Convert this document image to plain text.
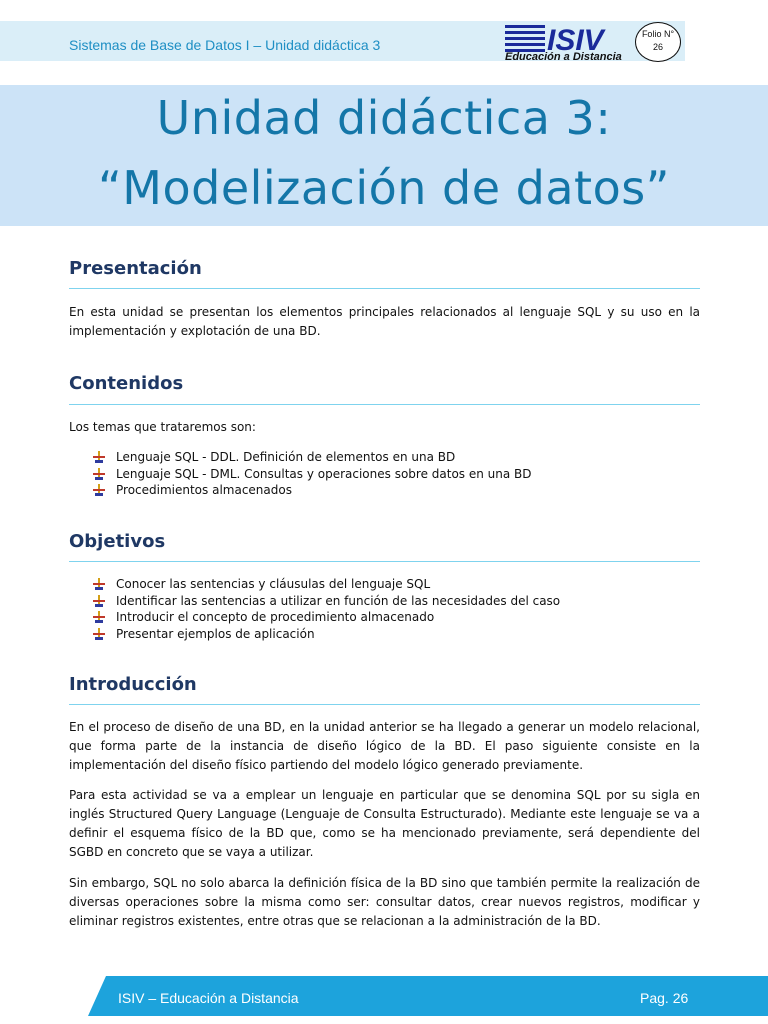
Sistemas de Base de Datos I – Unidad didáctica 3	ISIV
Educación a Distancia
Folio N°
26
Unidad didáctica 3:
“Modelización de datos”
Presentación
En esta unidad se presentan los elementos principales relacionados al lenguaje SQL y su uso en la implementación y explotación de una BD.
Contenidos
Los temas que trataremos son:
Lenguaje SQL - DDL. Definición de elementos en una BD
Lenguaje SQL - DML. Consultas y operaciones sobre datos en una BD
Procedimientos almacenados
Objetivos
Conocer las sentencias y cláusulas del lenguaje SQL
Identificar las sentencias a utilizar en función de las necesidades del caso
Introducir el concepto de procedimiento almacenado
Presentar ejemplos de aplicación
Introducción
En el proceso de diseño de una BD, en la unidad anterior se ha llegado a generar un modelo relacional, que forma parte de la instancia de diseño lógico de la BD. El paso siguiente consiste en la implementación del diseño físico partiendo del modelo lógico generado previamente.
Para esta actividad se va a emplear un lenguaje en particular que se denomina SQL por su sigla en inglés Structured Query Language (Lenguaje de Consulta Estructurado). Mediante este lenguaje se va a definir el esquema físico de la BD que, como se ha mencionado previamente, será dependiente del SGBD en concreto que se vaya a utilizar.
Sin embargo, SQL no solo abarca la definición física de la BD sino que también permite la realización de diversas operaciones sobre la misma como ser: consultar datos, crear nuevos registros, modificar y eliminar registros existentes, entre otras que se relacionan a la administración de la BD.
ISIV – Educación a Distancia	Pag. 26
